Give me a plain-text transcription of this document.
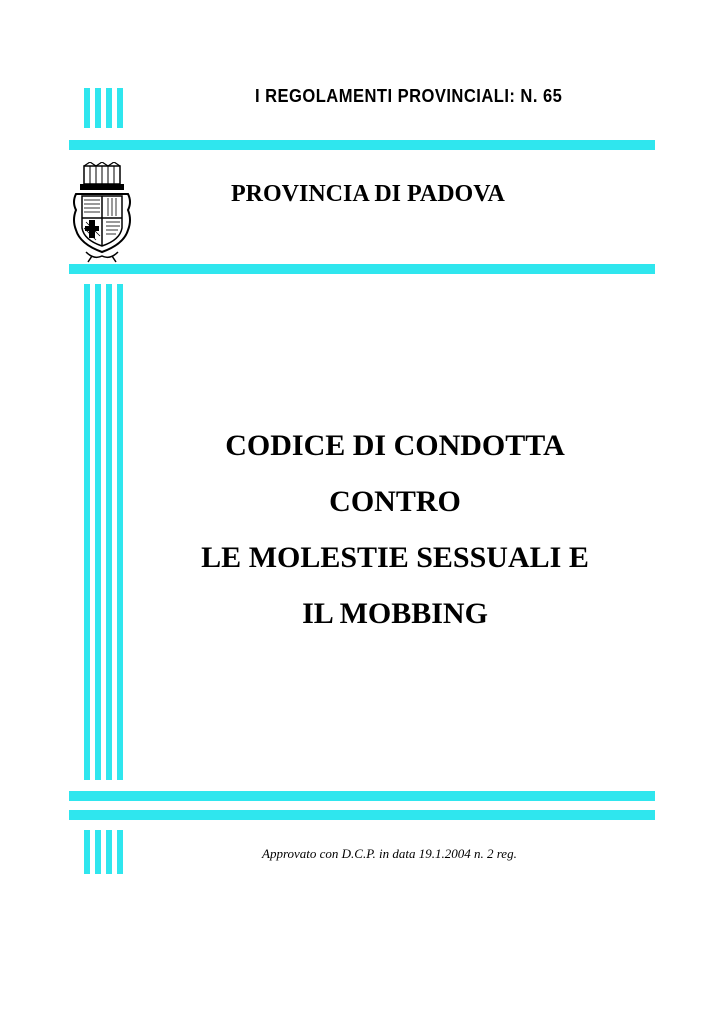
I REGOLAMENTI PROVINCIALI: N. 65
PROVINCIA DI PADOVA
CODICE DI CONDOTTA
CONTRO
LE MOLESTIE SESSUALI E
IL MOBBING
Approvato con D.C.P. in data 19.1.2004 n. 2 reg.
